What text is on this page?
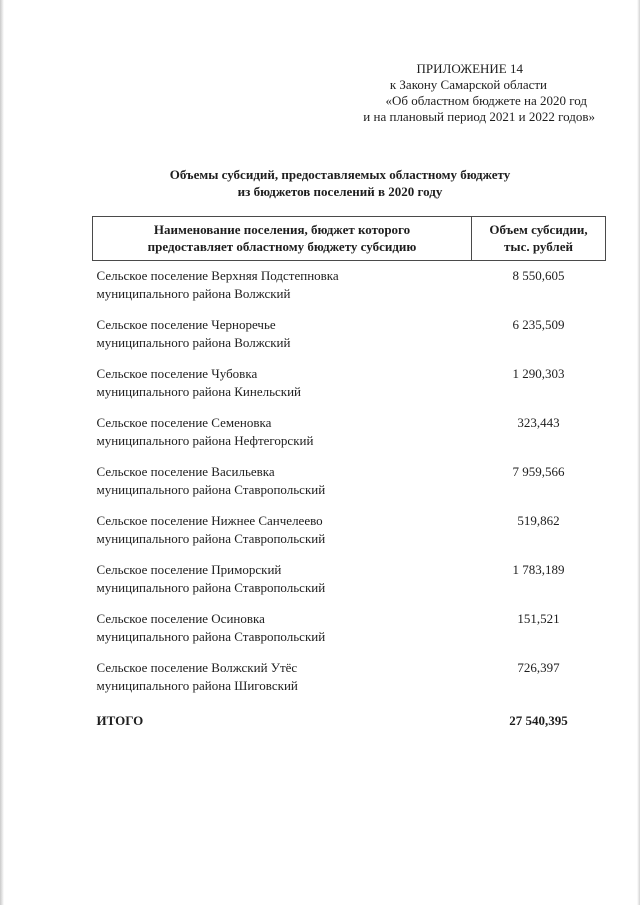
ПРИЛОЖЕНИЕ 14
к Закону Самарской области
«Об областном бюджете на 2020 год
и на плановый период 2021 и 2022 годов»
Объемы субсидий, предоставляемых областному бюджету
из бюджетов поселений в 2020 году
Наименование поселения, бюджет которого
предоставляет областному бюджету субсидию	Объем субсидии,
тыс. рублей
Сельское поселение Верхняя Подстепновка
муниципального района Волжский	8 550,605
Сельское поселение Черноречье
муниципального района Волжский	6 235,509
Сельское поселение Чубовка
муниципального района Кинельский	1 290,303
Сельское поселение Семеновка
муниципального района Нефтегорский	323,443
Сельское поселение Васильевка
муниципального района Ставропольский	7 959,566
Сельское поселение Нижнее Санчелеево
муниципального района Ставропольский	519,862
Сельское поселение Приморский
муниципального района Ставропольский	1 783,189
Сельское поселение Осиновка
муниципального района Ставропольский	151,521
Сельское поселение Волжский Утёс
муниципального района Шиговский	726,397
ИТОГО	27 540,395
